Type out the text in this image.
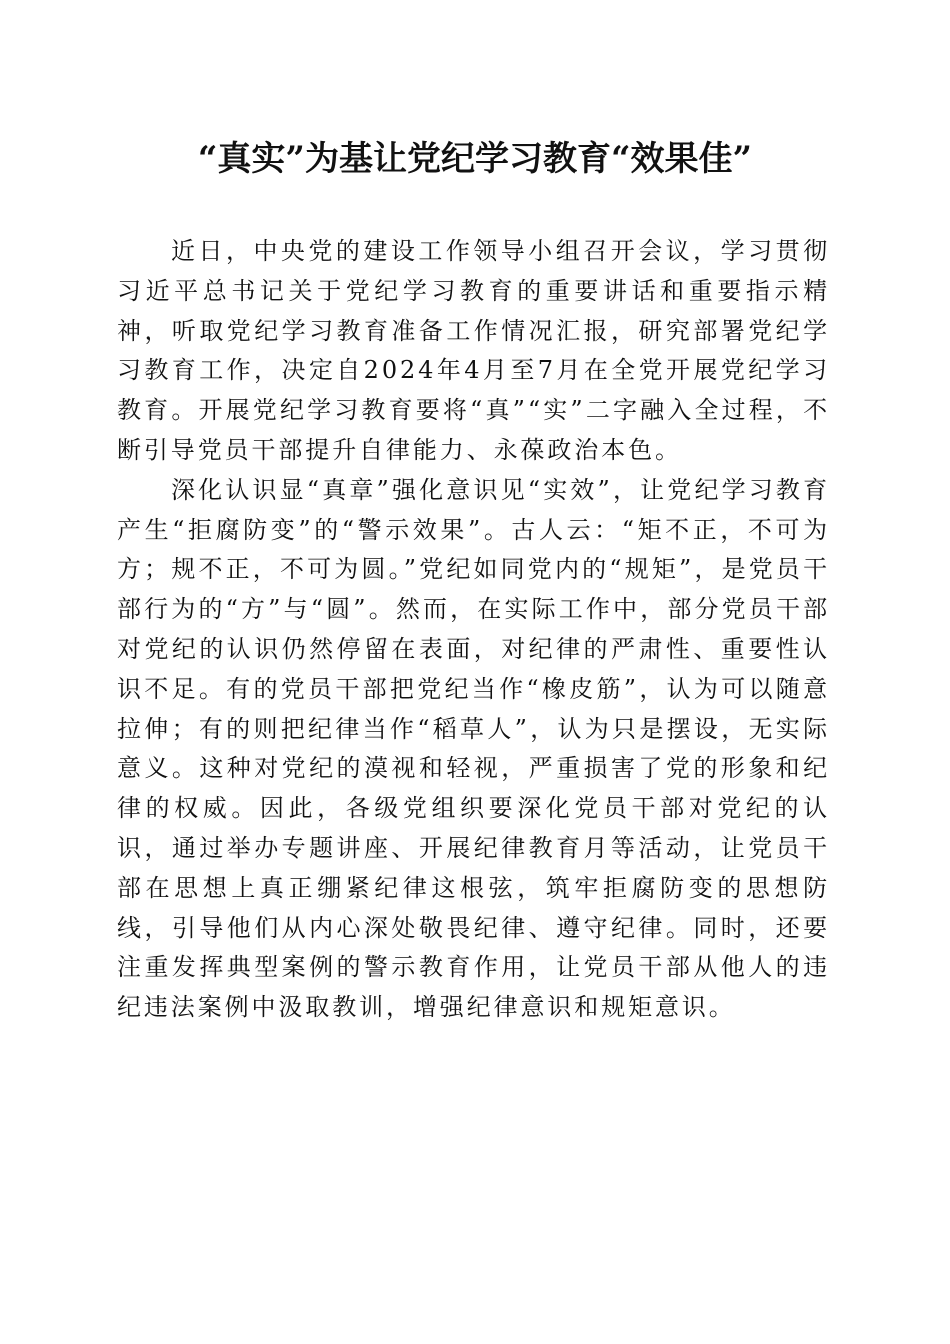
“真实”为基让党纪学习教育“效果佳”

近日，中央党的建设工作领导小组召开会议，学习贯彻习近平总书记关于党纪学习教育的重要讲话和重要指示精神，听取党纪学习教育准备工作情况汇报，研究部署党纪学习教育工作，决定自2024年4月至7月在全党开展党纪学习教育。开展党纪学习教育要将“真”“实”二字融入全过程，不断引导党员干部提升自律能力、永葆政治本色。

深化认识显“真章”强化意识见“实效”，让党纪学习教育产生“拒腐防变”的“警示效果”。古人云：“矩不正，不可为方；规不正，不可为圆。”党纪如同党内的“规矩”，是党员干部行为的“方”与“圆”。然而，在实际工作中，部分党员干部对党纪的认识仍然停留在表面，对纪律的严肃性、重要性认识不足。有的党员干部把党纪当作“橡皮筋”，认为可以随意拉伸；有的则把纪律当作“稻草人”，认为只是摆设，无实际意义。这种对党纪的漠视和轻视，严重损害了党的形象和纪律的权威。因此，各级党组织要深化党员干部对党纪的认识，通过举办专题讲座、开展纪律教育月等活动，让党员干部在思想上真正绷紧纪律这根弦，筑牢拒腐防变的思想防线，引导他们从内心深处敬畏纪律、遵守纪律。同时，还要注重发挥典型案例的警示教育作用，让党员干部从他人的违纪违法案例中汲取教训，增强纪律意识和规矩意识。
